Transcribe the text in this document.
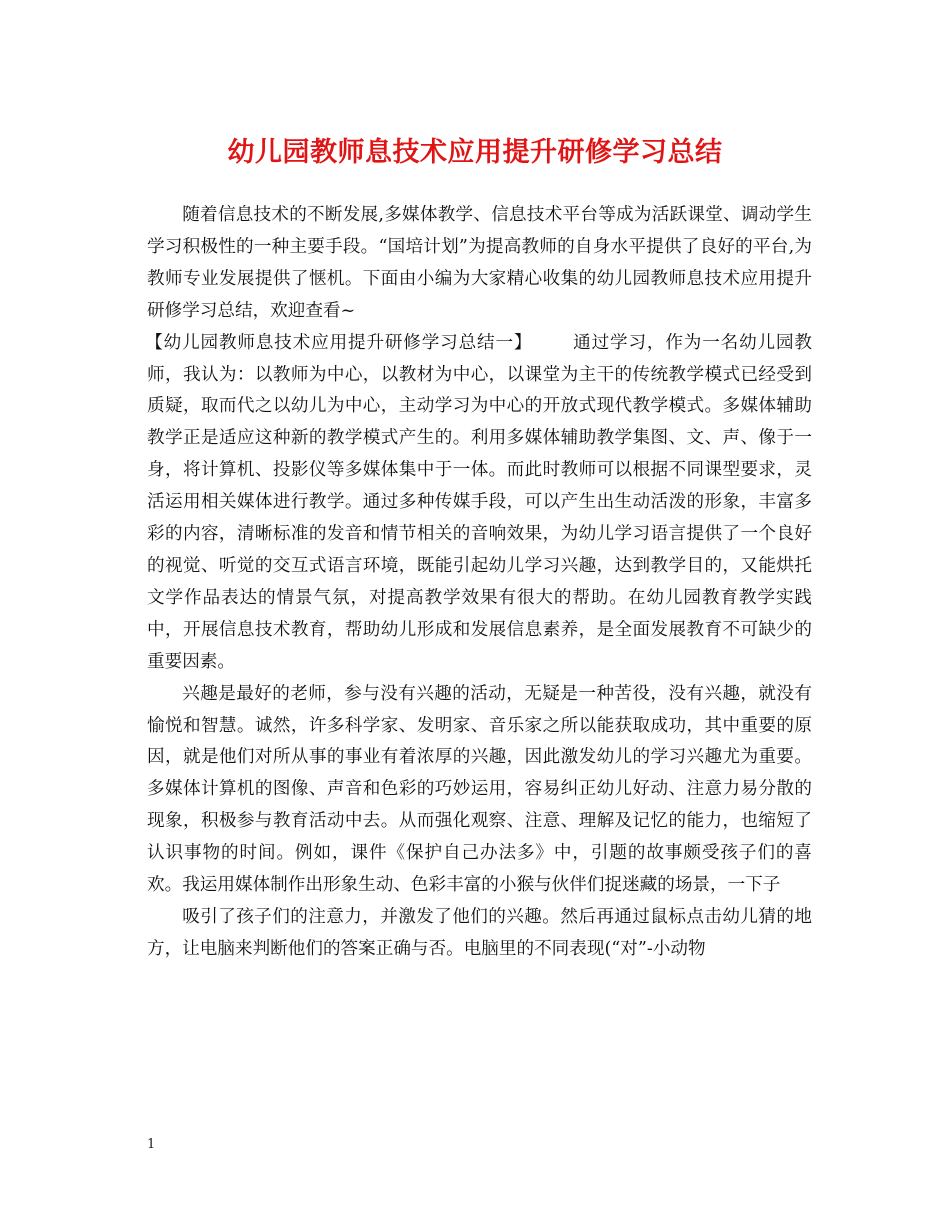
幼儿园教师息技术应用提升研修学习总结

随着信息技术的不断发展,多媒体教学、信息技术平台等成为活跃课堂、调动学生学习积极性的一种主要手段。“国培计划”为提高教师的自身水平提供了良好的平台,为教师专业发展提供了惬机。下面由小编为大家精心收集的幼儿园教师息技术应用提升研修学习总结，欢迎查看~

【幼儿园教师息技术应用提升研修学习总结一】 通过学习，作为一名幼儿园教师，我认为：以教师为中心，以教材为中心，以课堂为主干的传统教学模式已经受到质疑，取而代之以幼儿为中心，主动学习为中心的开放式现代教学模式。多媒体辅助教学正是适应这种新的教学模式产生的。利用多媒体辅助教学集图、文、声、像于一身，将计算机、投影仪等多媒体集中于一体。而此时教师可以根据不同课型要求，灵活运用相关媒体进行教学。通过多种传媒手段，可以产生出生动活泼的形象，丰富多彩的内容，清晰标准的发音和情节相关的音响效果，为幼儿学习语言提供了一个良好的视觉、听觉的交互式语言环境，既能引起幼儿学习兴趣，达到教学目的，又能烘托文学作品表达的情景气氛，对提高教学效果有很大的帮助。在幼儿园教育教学实践中，开展信息技术教育，帮助幼儿形成和发展信息素养，是全面发展教育不可缺少的重要因素。

兴趣是最好的老师，参与没有兴趣的活动，无疑是一种苦役，没有兴趣，就没有愉悦和智慧。诚然，许多科学家、发明家、音乐家之所以能获取成功，其中重要的原因，就是他们对所从事的事业有着浓厚的兴趣，因此激发幼儿的学习兴趣尤为重要。多媒体计算机的图像、声音和色彩的巧妙运用，容易纠正幼儿好动、注意力易分散的现象，积极参与教育活动中去。从而强化观察、注意、理解及记忆的能力，也缩短了认识事物的时间。例如，课件《保护自己办法多》中，引题的故事颇受孩子们的喜欢。我运用媒体制作出形象生动、色彩丰富的小猴与伙伴们捉迷藏的场景，一下子

吸引了孩子们的注意力，并激发了他们的兴趣。然后再通过鼠标点击幼儿猜的地方，让电脑来判断他们的答案正确与否。电脑里的不同表现(“对”-小动物

1
